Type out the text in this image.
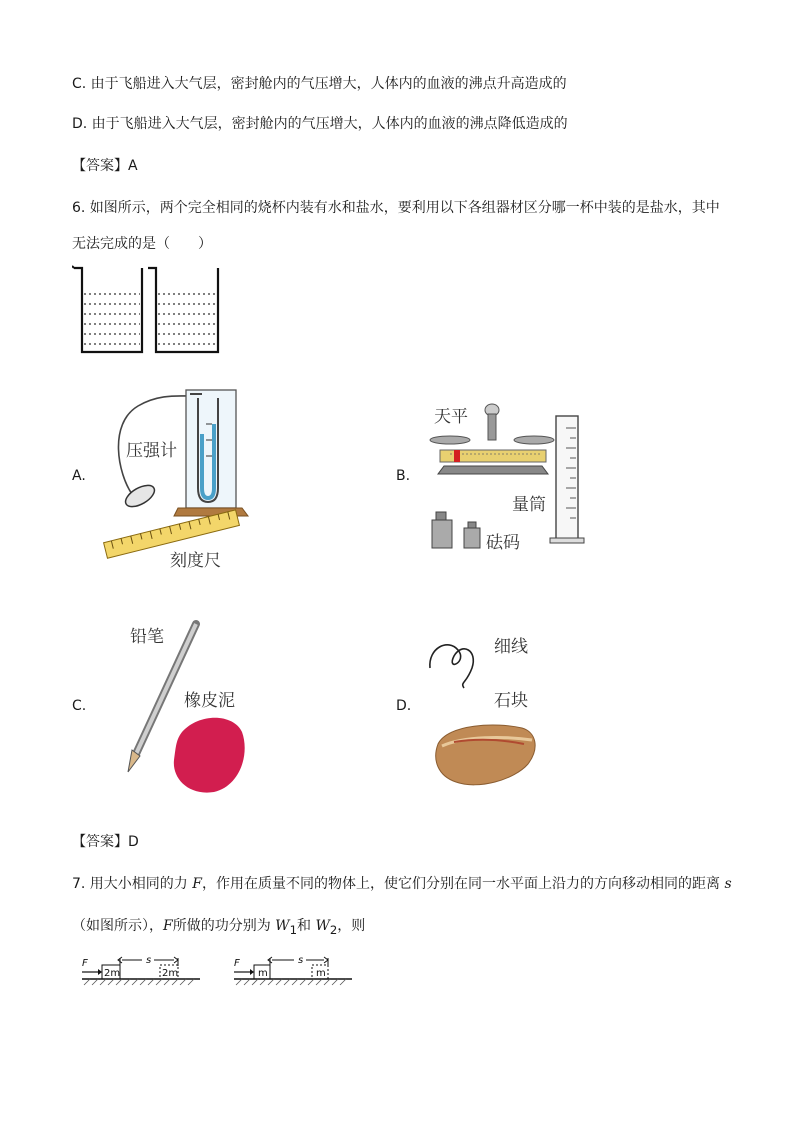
C. 由于飞船进入大气层，密封舱内的气压增大，人体内的血液的沸点升高造成的
D. 由于飞船进入大气层，密封舱内的气压增大，人体内的血液的沸点降低造成的
【答案】A
6. 如图所示，两个完全相同的烧杯内装有水和盐水，要利用以下各组器材区分哪一杯中装的是盐水，其中
无法完成的是（　　）
A.
压强计
刻度尺
B.
天平
量筒
砝码
C.
铅笔
橡皮泥	D.
细线
石块
【答案】D
7. 用大小相同的力 F，作用在质量不同的物体上，使它们分别在同一水平面上沿力的方向移动相同的距离 s
（如图所示），F所做的功分别为 $W_1$和 $W_2$，则
F
2m
s
2m
F
m
s
m
